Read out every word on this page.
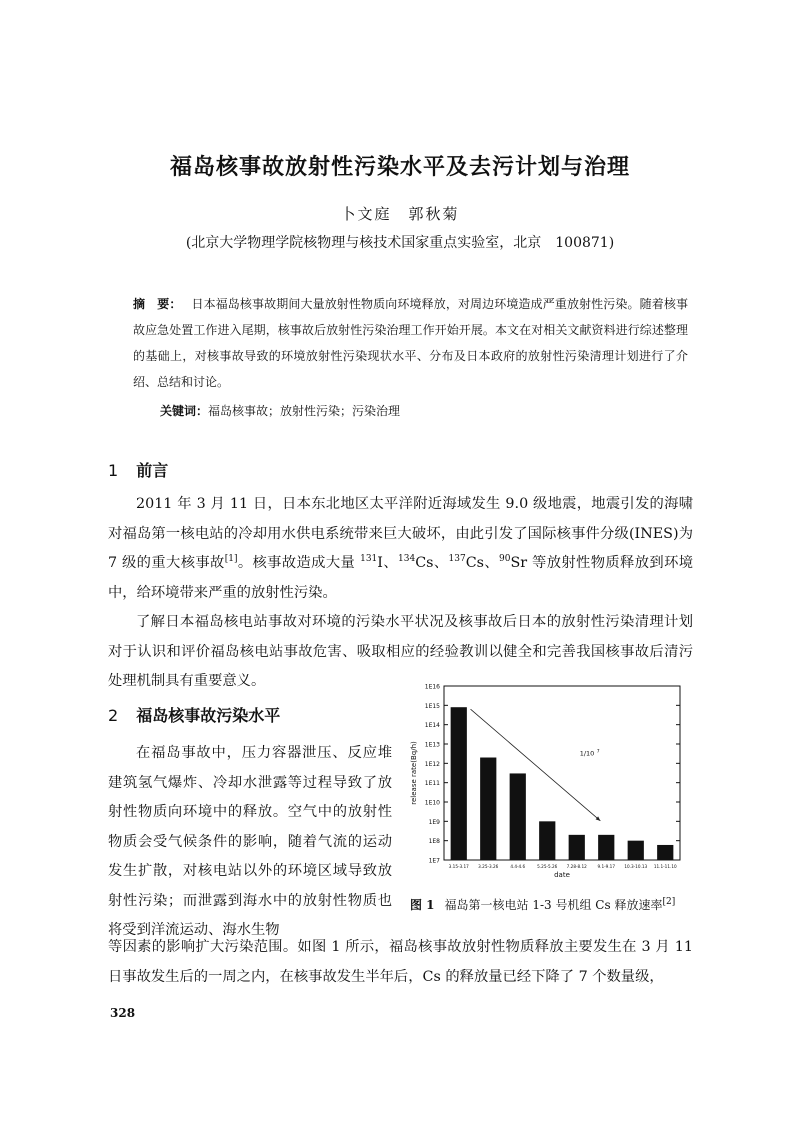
福岛核事故放射性污染水平及去污计划与治理
卜文庭　郭秋菊
(北京大学物理学院核物理与核技术国家重点实验室，北京　100871)
摘　要： 日本福岛核事故期间大量放射性物质向环境释放，对周边环境造成严重放射性污染。随着核事故应急处置工作进入尾期，核事故后放射性污染治理工作开始开展。本文在对相关文献资料进行综述整理的基础上，对核事故导致的环境放射性污染现状水平、分布及日本政府的放射性污染清理计划进行了介绍、总结和讨论。
关键词：福岛核事故；放射性污染；污染治理
1 前言
2011 年 3 月 11 日，日本东北地区太平洋附近海域发生 9.0 级地震，地震引发的海啸对福岛第一核电站的冷却用水供电系统带来巨大破坏，由此引发了国际核事件分级(INES)为 7 级的重大核事故[1]。核事故造成大量 $^{131}$I、$^{134}$Cs、$^{137}$Cs、$^{90}$Sr 等放射性物质释放到环境中，给环境带来严重的放射性污染。
了解日本福岛核电站事故对环境的污染水平状况及核事故后日本的放射性污染清理计划对于认识和评价福岛核电站事故危害、吸取相应的经验教训以健全和完善我国核事故后清污处理机制具有重要意义。
2 福岛核事故污染水平
在福岛事故中，压力容器泄压、反应堆建筑氢气爆炸、冷却水泄露等过程导致了放射性物质向环境中的释放。空气中的放射性物质会受气候条件的影响，随着气流的运动发生扩散，对核电站以外的环境区域导致放射性污染；而泄露到海水中的放射性物质也将受到洋流运动、海水生物
等因素的影响扩大污染范围。如图 1 所示，福岛核事故放射性物质释放主要发生在 3 月 11 日事故发生后的一周之内，在核事故发生半年后，Cs 的释放量已经下降了 7 个数量级，
1E7
1E8
1E9
1E10
1E11
1E12
1E13
1E14
1E15
1E16
release rate(Bq/h)
3.15-3.17 3.25-3.26	4.4-4.6	5.25-5.26 7.28-8.12	9.1-9.17 10.3-10.13 11.1-11.10
date
1/10 7
图 1 福岛第一核电站 1-3 号机组 Cs 释放速率[2]
328
